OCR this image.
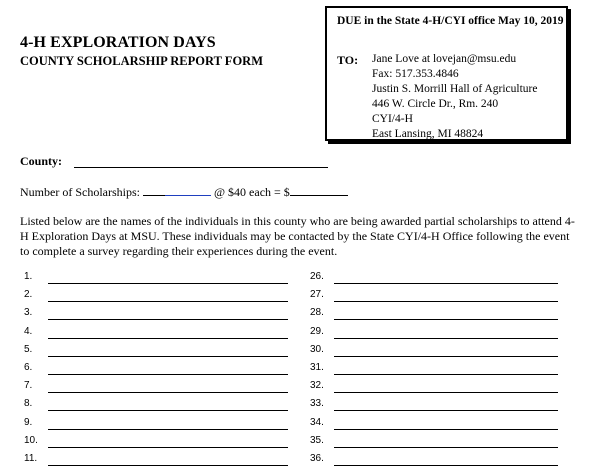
4-H EXPLORATION DAYS
COUNTY SCHOLARSHIP REPORT FORM
DUE in the State 4-H/CYI office May 10, 2019
TO: Jane Love at lovejan@msu.edu
Fax: 517.353.4846
Justin S. Morrill Hall of Agriculture
446 W. Circle Dr., Rm. 240
CYI/4-H
East Lansing, MI 48824
County:
Number of Scholarships:	@ $40 each = $
Listed below are the names of the individuals in this county who are being awarded partial scholarships to attend 4-H Exploration Days at MSU. These individuals may be contacted by the State CYI/4-H Office following the event to complete a survey regarding their experiences during the event.
1.
2.
3.
4.
5.
6.
7.
8.
9.
10.
11.
26.
27.
28.
29.
30.
31.
32.
33.
34.
35.
36.
